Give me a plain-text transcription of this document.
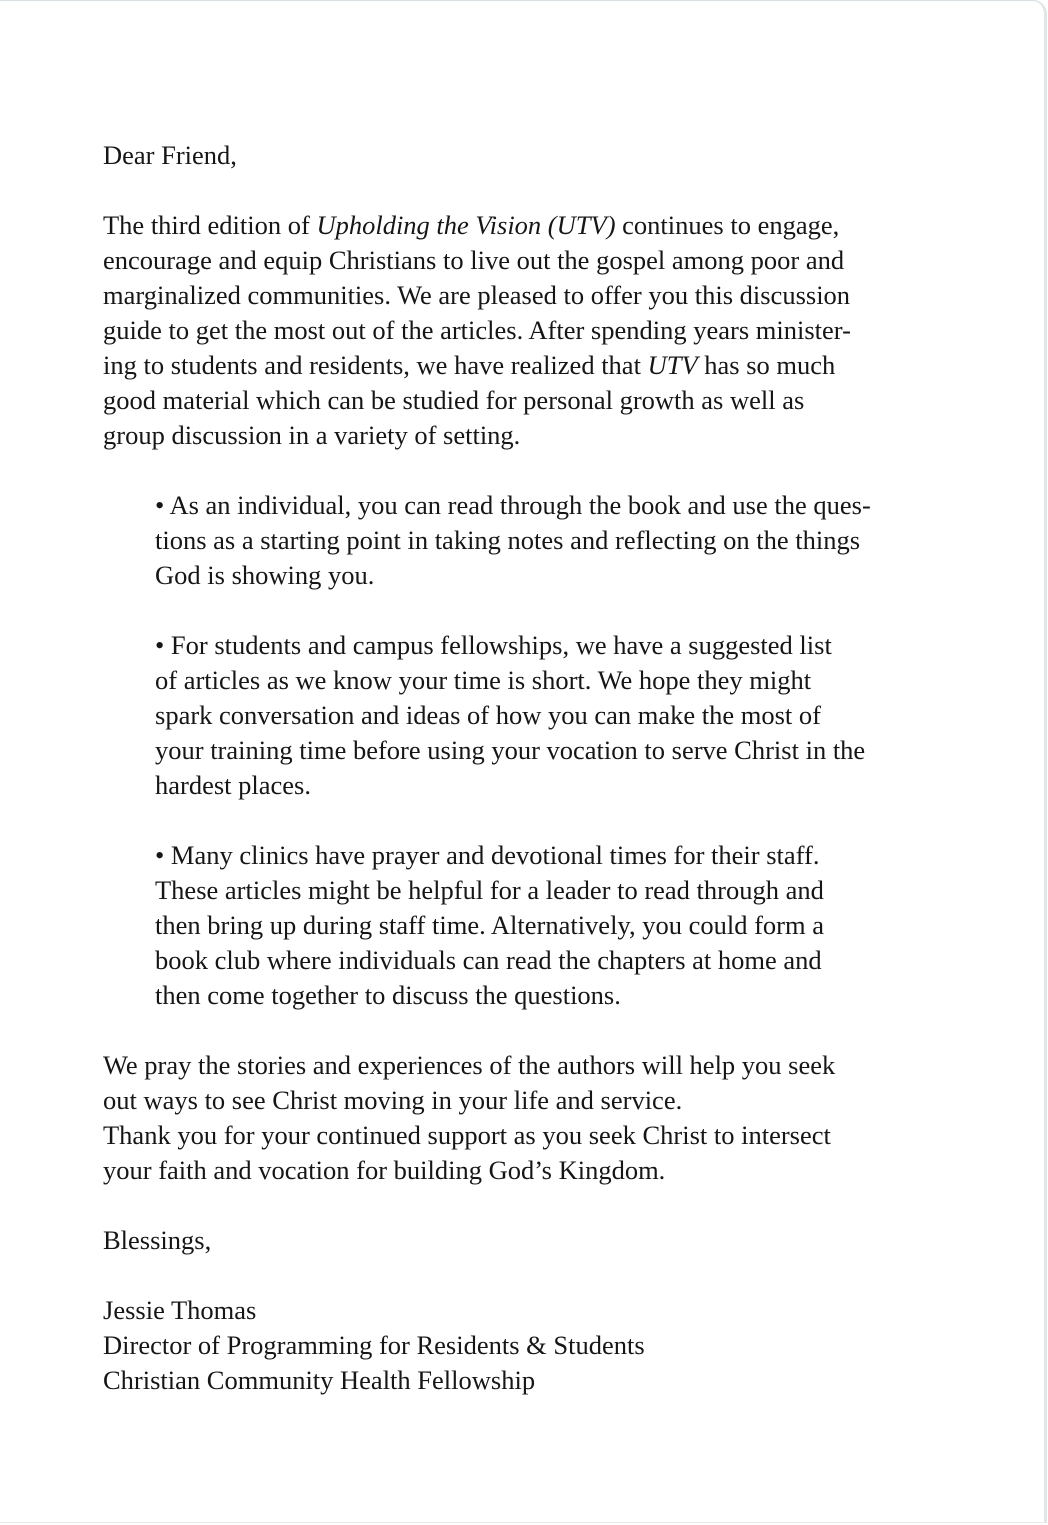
Dear Friend,

The third edition of Upholding the Vision (UTV) continues to engage,
encourage and equip Christians to live out the gospel among poor and
marginalized communities. We are pleased to offer you this discussion
guide to get the most out of the articles. After spending years minister-
ing to students and residents, we have realized that UTV has so much
good material which can be studied for personal growth as well as
group discussion in a variety of setting.

• As an individual, you can read through the book and use the ques-
tions as a starting point in taking notes and reflecting on the things
God is showing you.

• For students and campus fellowships, we have a suggested list
of articles as we know your time is short. We hope they might
spark conversation and ideas of how you can make the most of
your training time before using your vocation to serve Christ in the
hardest places.

• Many clinics have prayer and devotional times for their staff.
These articles might be helpful for a leader to read through and
then bring up during staff time. Alternatively, you could form a
book club where individuals can read the chapters at home and
then come together to discuss the questions.

We pray the stories and experiences of the authors will help you seek
out ways to see Christ moving in your life and service.
Thank you for your continued support as you seek Christ to intersect
your faith and vocation for building God’s Kingdom.

Blessings,

Jessie Thomas
Director of Programming for Residents & Students
Christian Community Health Fellowship
